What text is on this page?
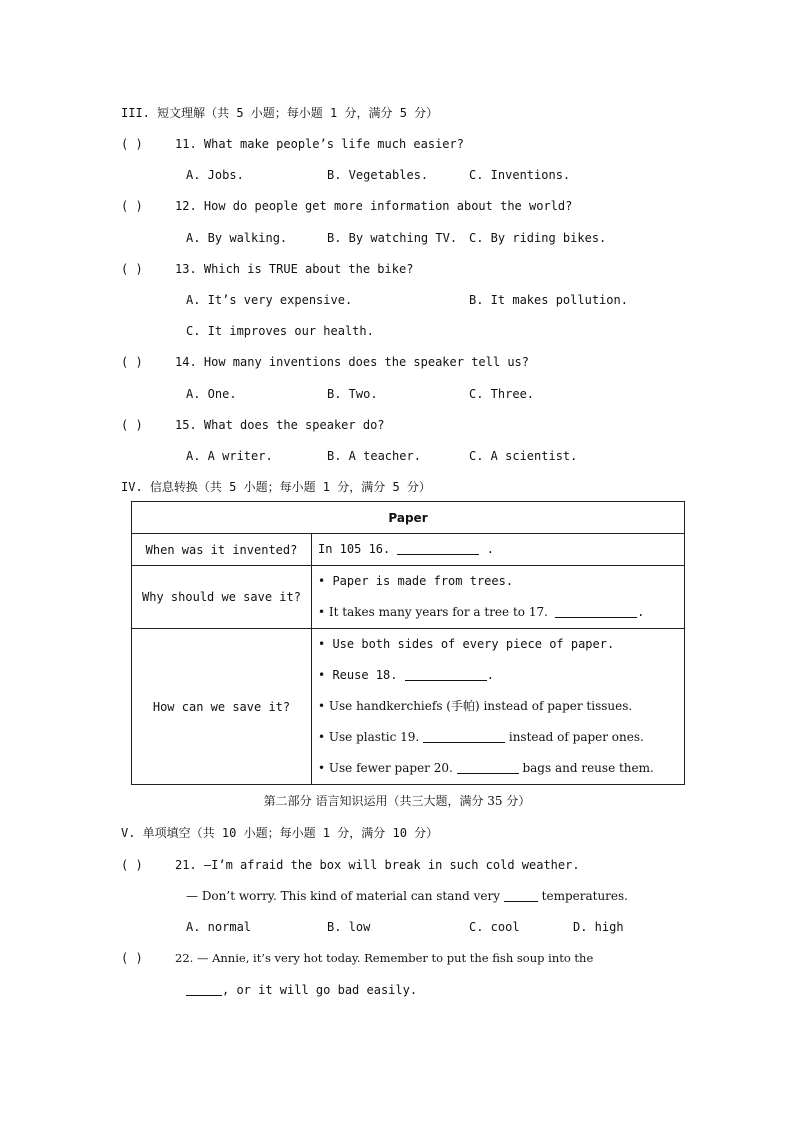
III. 短文理解（共 5 小题；每小题 1 分，满分 5 分）
( )	11. What make people’s life much easier?
A. Jobs.	B. Vegetables.	C. Inventions.
( )	12. How do people get more information about the world?
A. By walking.	B. By watching TV. C. By riding bikes.
( )	13. Which is TRUE about the bike?
A. It’s very expensive.	B. It makes pollution.
C. It improves our health.
( )	14. How many inventions does the speaker tell us?
A. One.	B. Two.	C. Three.
( )	15. What does the speaker do?
A. A writer.	B. A teacher.	C. A scientist.
IV. 信息转换（共 5 小题；每小题 1 分，满分 5 分）
Paper	
When was it invented?	In 105 16. .

Why should we save it?	• Paper is made from trees.
• It takes many years for a tree to 17. .

How can we save it?	• Use both sides of every piece of paper.
• Reuse 18. .
• Use handkerchiefs (手帕) instead of paper tissues.
• Use plastic 19. instead of paper ones.
• Use fewer paper 20. bags and reuse them.
第二部分 语言知识运用（共三大题，满分 35 分）
V. 单项填空（共 10 小题；每小题 1 分，满分 10 分）
( )	21. —I’m afraid the box will break in such cold weather.
— Don’t worry. This kind of material can stand very	temperatures.
A. normal	B. low	C. cool	D. high
( )	22. — Annie, it’s very hot today. Remember to put the fish soup into the
, or it will go bad easily.
